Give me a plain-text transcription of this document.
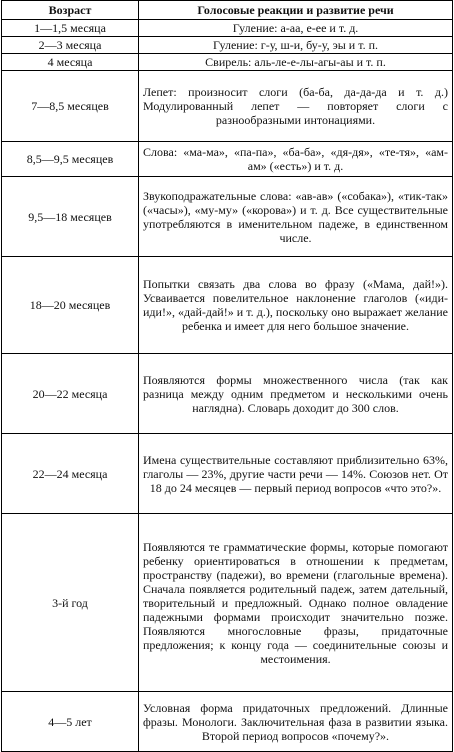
Возраст	Голосовые реакции и развитие речи
1—1,5 месяца	Гуление: а-аа, е-ее и т. д.
2—3 месяца	Гуление: г-у, ш-и, бу-у, эы и т. п.
4 месяца	Свирель: аль-ле-е-лы-агы-аы и т. п.
7—8,5 месяцев	Лепет: произносит слоги (ба-ба, да-да-да и т. д.) Модулированный лепет — повторяет слоги с разнообразными интонациями.
8,5—9,5 месяцев	Слова: «ма-ма», «па-па», «ба-ба», «дя-дя», «те-тя», «ам-ам» («есть») и т. д.
9,5—18 месяцев	Звукоподражательные слова: «ав-ав» («собака»), «тик-так» («часы»), «му-му» («корова») и т. д. Все существительные употребляются в именительном падеже, в единственном числе.
18—20 месяцев	Попытки связать два слова во фразу («Мама, дай!»). Усваивается повелительное наклонение глаголов («иди-иди!», «дай-дай!» и т. д.), поскольку оно выражает желание ребенка и имеет для него большое значение.
20—22 месяца	Появляются формы множественного числа (так как разница между одним предметом и несколькими очень наглядна). Словарь доходит до 300 слов.
22—24 месяца	Имена существительные составляют приблизительно 63%, глаголы — 23%, другие части речи — 14%. Союзов нет. От 18 до 24 месяцев — первый период вопросов «что это?».
3-й год	Появляются те грамматические формы, которые помогают ребенку ориентироваться в отношении к предметам, пространству (падежи), во времени (глагольные времена). Сначала появляется родительный падеж, затем дательный, творительный и предложный. Однако полное овладение падежными формами происходит значительно позже. Появляются многословные фразы, придаточные предложения; к концу года — соединительные союзы и местоимения.
4—5 лет	Условная форма придаточных предложений. Длинные фразы. Монологи. Заключительная фаза в развитии языка. Второй период вопросов «почему?».
